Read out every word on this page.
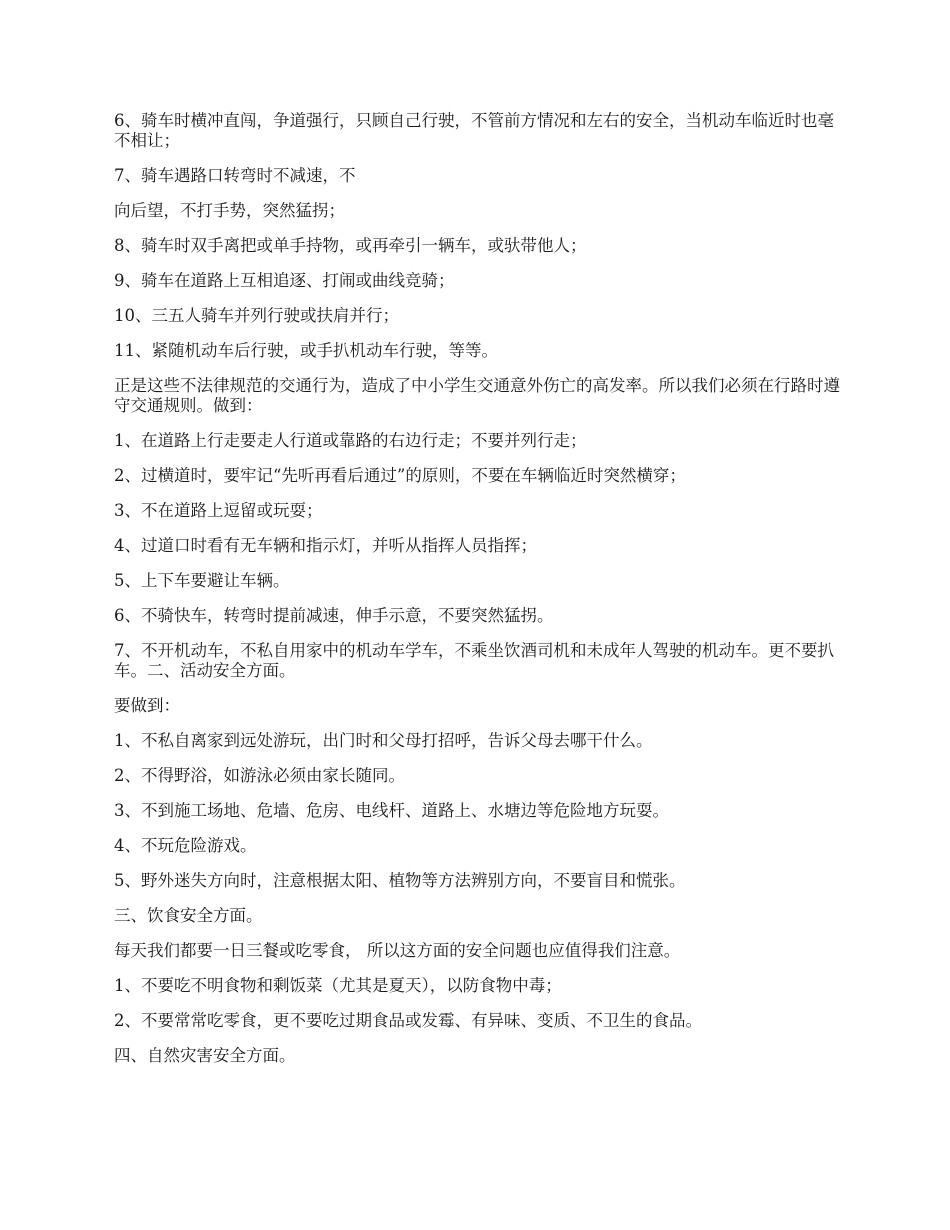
6、骑车时横冲直闯，争道强行，只顾自己行驶，不管前方情况和左右的安全，当机动车临近时也毫不相让；

7、骑车遇路口转弯时不减速，不

向后望，不打手势，突然猛拐；

8、骑车时双手离把或单手持物，或再牵引一辆车，或驮带他人；

9、骑车在道路上互相追逐、打闹或曲线竞骑；

10、三五人骑车并列行驶或扶肩并行；

11、紧随机动车后行驶，或手扒机动车行驶，等等。

正是这些不法律规范的交通行为，造成了中小学生交通意外伤亡的高发率。所以我们必须在行路时遵守交通规则。做到：

1、在道路上行走要走人行道或靠路的右边行走；不要并列行走；

2、过横道时，要牢记“先听再看后通过”的原则，不要在车辆临近时突然横穿；

3、不在道路上逗留或玩耍；

4、过道口时看有无车辆和指示灯，并听从指挥人员指挥；

5、上下车要避让车辆。

6、不骑快车，转弯时提前减速，伸手示意，不要突然猛拐。

7、不开机动车，不私自用家中的机动车学车，不乘坐饮酒司机和未成年人驾驶的机动车。更不要扒车。二、活动安全方面。

要做到：

1、不私自离家到远处游玩，出门时和父母打招呼，告诉父母去哪干什么。

2、不得野浴，如游泳必须由家长随同。

3、不到施工场地、危墙、危房、电线杆、道路上、水塘边等危险地方玩耍。

4、不玩危险游戏。

5、野外迷失方向时，注意根据太阳、植物等方法辨别方向，不要盲目和慌张。

三、饮食安全方面。

每天我们都要一日三餐或吃零食， 所以这方面的安全问题也应值得我们注意。

1、不要吃不明食物和剩饭菜（尤其是夏天），以防食物中毒；

2、不要常常吃零食，更不要吃过期食品或发霉、有异味、变质、不卫生的食品。

四、自然灾害安全方面。
